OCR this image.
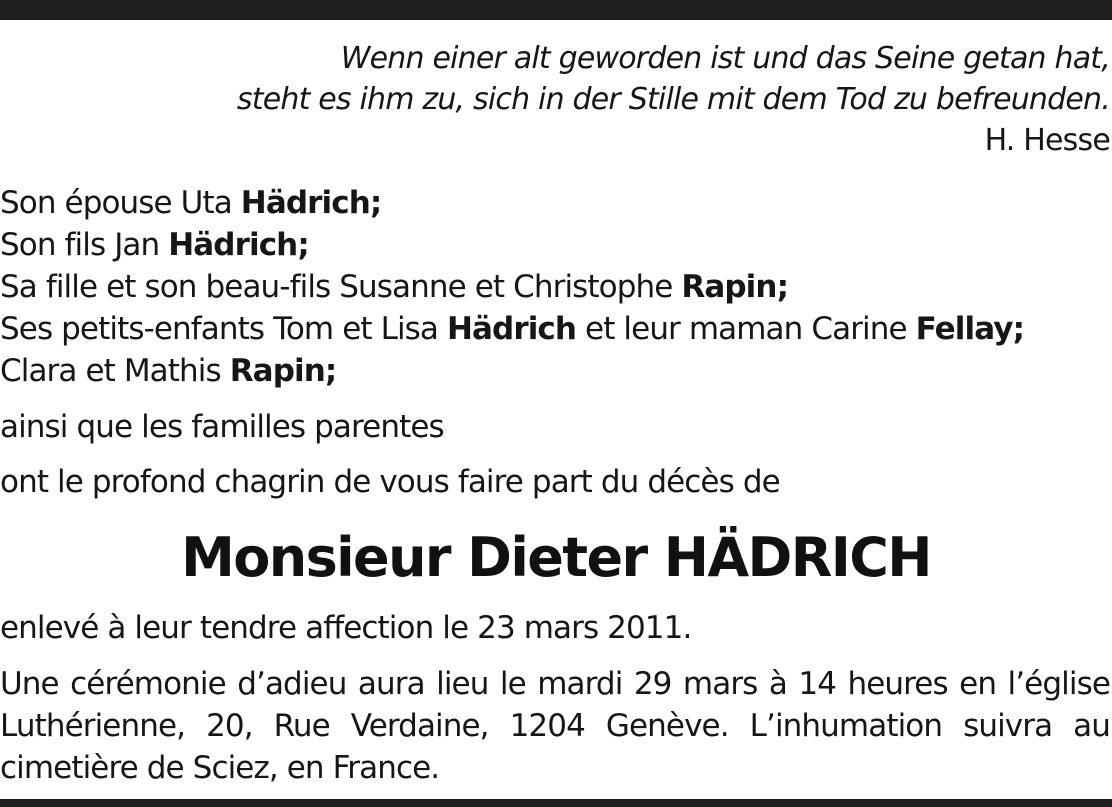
Wenn einer alt geworden ist und das Seine getan hat,
steht es ihm zu, sich in der Stille mit dem Tod zu befreunden.
H. Hesse
Son épouse Uta Hädrich;
Son fils Jan Hädrich;
Sa fille et son beau-fils Susanne et Christophe Rapin;
Ses petits-enfants Tom et Lisa Hädrich et leur maman Carine Fellay;
Clara et Mathis Rapin;
ainsi que les familles parentes
ont le profond chagrin de vous faire part du décès de
Monsieur Dieter HÄDRICH
enlevé à leur tendre affection le 23 mars 2011.
Une cérémonie d’adieu aura lieu le mardi 29 mars à 14 heures en l’église
Luthérienne, 20, Rue Verdaine, 1204 Genève. L’inhumation suivra au
cimetière de Sciez, en France.
